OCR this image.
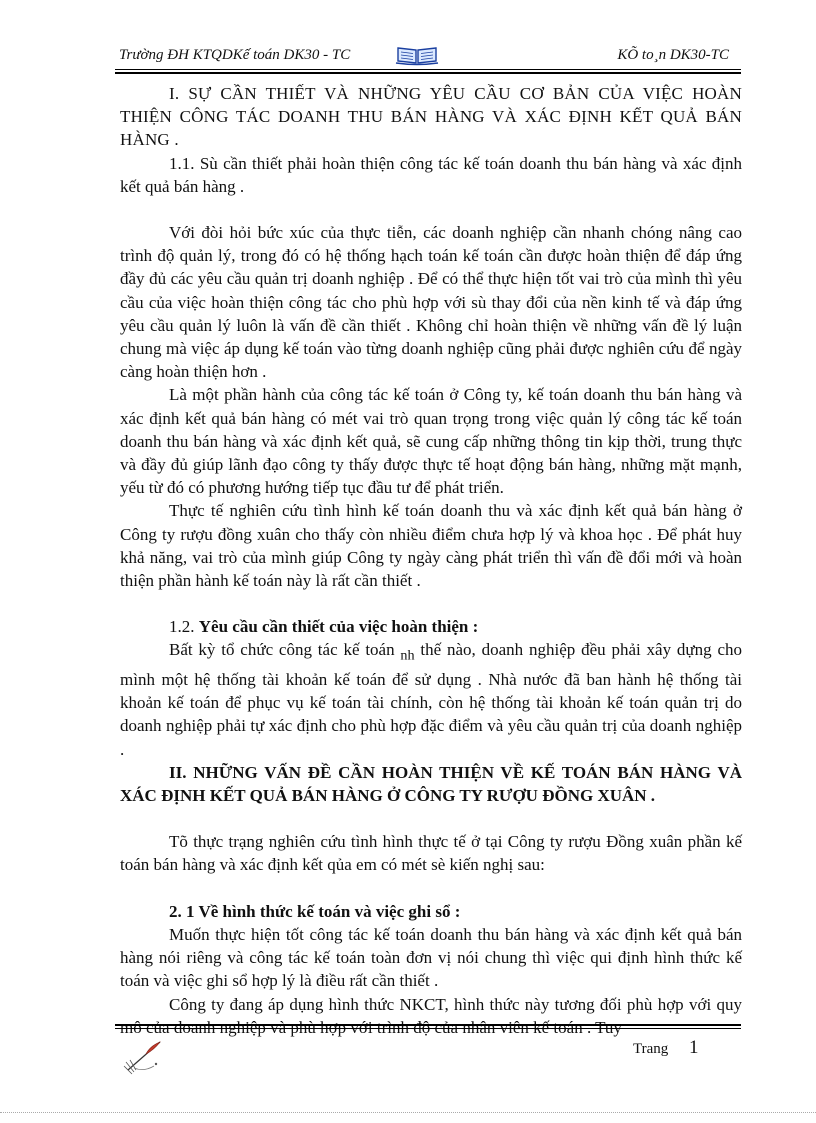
Trường ĐH KTQDKế toán DK30 - TC	KÕ to¸n DK30-TC

I. SỰ CẦN THIẾT VÀ NHỮNG YÊU CẦU CƠ BẢN CỦA VIỆC HOÀN THIỆN CÔNG TÁC DOANH THU BÁN HÀNG VÀ XÁC ĐỊNH KẾT QUẢ BÁN HÀNG .

1.1. Sù cần thiết phải hoàn thiện công tác kế toán doanh thu bán hàng và xác định kết quả bán hàng .

Với đòi hỏi bức xúc của thực tiễn, các doanh nghiệp cần nhanh chóng nâng cao trình độ quản lý, trong đó có hệ thống hạch toán kế toán cần được hoàn thiện để đáp ứng đầy đủ các yêu cầu quản trị doanh nghiệp . Để có thể thực hiện tốt vai trò của mình thì yêu cầu của việc hoàn thiện công tác cho phù hợp với sù thay đổi của nền kinh tế và đáp ứng yêu cầu quản lý luôn là vấn đề cần thiết . Không chỉ hoàn thiện về những vấn đề lý luận chung mà việc áp dụng kế toán vào từng doanh nghiệp cũng phải được nghiên cứu để ngày càng hoàn thiện hơn .

Là một phần hành của công tác kế toán ở Công ty, kế toán doanh thu bán hàng và xác định kết quả bán hàng có mét vai trò quan trọng trong việc quản lý công tác kế toán doanh thu bán hàng và xác định kết quả, sẽ cung cấp những thông tin kịp thời, trung thực và đầy đủ giúp lãnh đạo công ty thấy được thực tế hoạt động bán hàng, những mặt mạnh, yếu từ đó có phương hướng tiếp tục đầu tư để phát triển.

Thực tế nghiên cứu tình hình kế toán doanh thu và xác định kết quả bán hàng ở Công ty rượu đồng xuân cho thấy còn nhiều điểm chưa hợp lý và khoa học . Để phát huy khả năng, vai trò của mình giúp Công ty ngày càng phát triển thì vấn đề đổi mới và hoàn thiện phần hành kế toán này là rất cần thiết .

1.2. Yêu cầu cần thiết của việc hoàn thiện :

Bất kỳ tổ chức công tác kế toán $_{nh}$ thế nào, doanh nghiệp đều phải xây dựng cho mình một hệ thống tài khoản kế toán để sử dụng . Nhà nước đã ban hành hệ thống tài khoản kế toán để phục vụ kế toán tài chính, còn hệ thống tài khoản kế toán quản trị do doanh nghiệp phải tự xác định cho phù hợp đặc điểm và yêu cầu quản trị của doanh nghiệp .

II. NHỮNG VẤN ĐỀ CẦN HOÀN THIỆN VỀ KẾ TOÁN BÁN HÀNG VÀ XÁC ĐỊNH KẾT QUẢ BÁN HÀNG Ở CÔNG TY RƯỢU ĐỒNG XUÂN .

Tõ thực trạng nghiên cứu tình hình thực tế ở tại Công ty rượu Đồng xuân phần kế toán bán hàng và xác định kết qủa em có mét sè kiến nghị sau:

2. 1 Về hình thức kế toán và việc ghi sổ :

Muốn thực hiện tốt công tác kế toán doanh thu bán hàng và xác định kết quả bán hàng nói riêng và công tác kế toán toàn đơn vị nói chung thì việc qui định hình thức kế toán và việc ghi sổ hợp lý là điều rất cần thiết .

Công ty đang áp dụng hình thức NKCT, hình thức này tương đối phù hợp với quy mô của doanh nghiệp và phù hợp với trình độ của nhân viên kế toán . Tuy

Trang 1
